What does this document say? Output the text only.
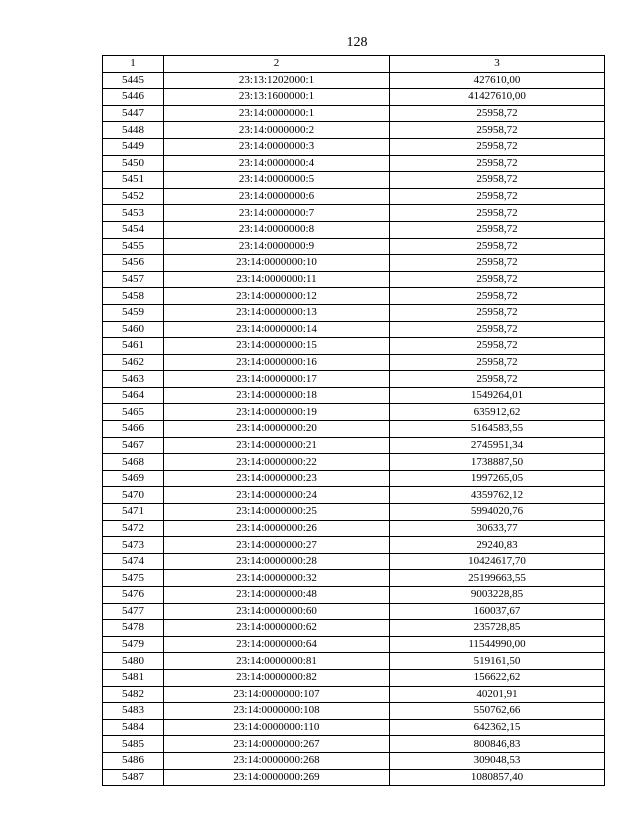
128
1	2	3
5445	23:13:1202000:1	427610,00
5446	23:13:1600000:1	41427610,00
5447	23:14:0000000:1	25958,72
5448	23:14:0000000:2	25958,72
5449	23:14:0000000:3	25958,72
5450	23:14:0000000:4	25958,72
5451	23:14:0000000:5	25958,72
5452	23:14:0000000:6	25958,72
5453	23:14:0000000:7	25958,72
5454	23:14:0000000:8	25958,72
5455	23:14:0000000:9	25958,72
5456	23:14:0000000:10	25958,72
5457	23:14:0000000:11	25958,72
5458	23:14:0000000:12	25958,72
5459	23:14:0000000:13	25958,72
5460	23:14:0000000:14	25958,72
5461	23:14:0000000:15	25958,72
5462	23:14:0000000:16	25958,72
5463	23:14:0000000:17	25958,72
5464	23:14:0000000:18	1549264,01
5465	23:14:0000000:19	635912,62
5466	23:14:0000000:20	5164583,55
5467	23:14:0000000:21	2745951,34
5468	23:14:0000000:22	1738887,50
5469	23:14:0000000:23	1997265,05
5470	23:14:0000000:24	4359762,12
5471	23:14:0000000:25	5994020,76
5472	23:14:0000000:26	30633,77
5473	23:14:0000000:27	29240,83
5474	23:14:0000000:28	10424617,70
5475	23:14:0000000:32	25199663,55
5476	23:14:0000000:48	9003228,85
5477	23:14:0000000:60	160037,67
5478	23:14:0000000:62	235728,85
5479	23:14:0000000:64	11544990,00
5480	23:14:0000000:81	519161,50
5481	23:14:0000000:82	156622,62
5482	23:14:0000000:107	40201,91
5483	23:14:0000000:108	550762,66
5484	23:14:0000000:110	642362,15
5485	23:14:0000000:267	800846,83
5486	23:14:0000000:268	309048,53
5487	23:14:0000000:269	1080857,40
